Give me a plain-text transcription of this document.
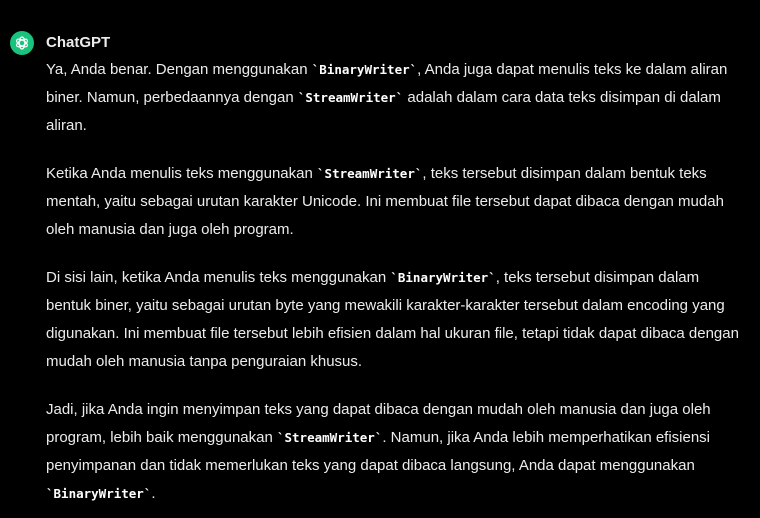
ChatGPT

Ya, Anda benar. Dengan menggunakan `BinaryWriter`, Anda juga dapat menulis teks ke dalam aliran biner. Namun, perbedaannya dengan `StreamWriter` adalah dalam cara data teks disimpan di dalam aliran.

Ketika Anda menulis teks menggunakan `StreamWriter`, teks tersebut disimpan dalam bentuk teks mentah, yaitu sebagai urutan karakter Unicode. Ini membuat file tersebut dapat dibaca dengan mudah oleh manusia dan juga oleh program.

Di sisi lain, ketika Anda menulis teks menggunakan `BinaryWriter`, teks tersebut disimpan dalam bentuk biner, yaitu sebagai urutan byte yang mewakili karakter-karakter tersebut dalam encoding yang digunakan. Ini membuat file tersebut lebih efisien dalam hal ukuran file, tetapi tidak dapat dibaca dengan mudah oleh manusia tanpa penguraian khusus.

Jadi, jika Anda ingin menyimpan teks yang dapat dibaca dengan mudah oleh manusia dan juga oleh program, lebih baik menggunakan `StreamWriter`. Namun, jika Anda lebih memperhatikan efisiensi penyimpanan dan tidak memerlukan teks yang dapat dibaca langsung, Anda dapat menggunakan `BinaryWriter`.
